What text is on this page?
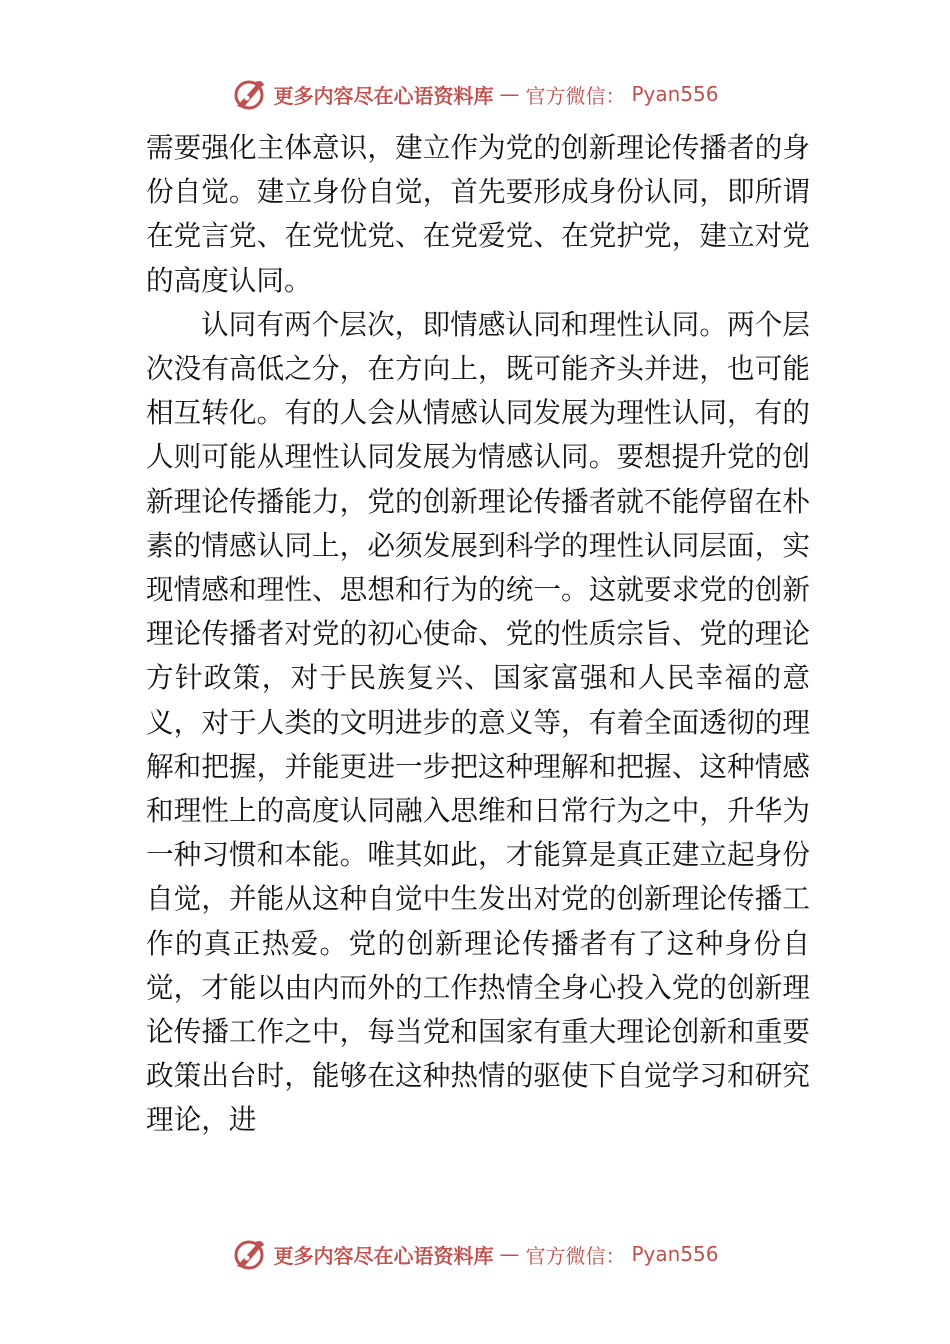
更多内容尽在心语资料库 — 官方微信： Pyan556

需要强化主体意识，建立作为党的创新理论传播者的身份自觉。建立身份自觉，首先要形成身份认同，即所谓在党言党、在党忧党、在党爱党、在党护党，建立对党的高度认同。

认同有两个层次，即情感认同和理性认同。两个层次没有高低之分，在方向上，既可能齐头并进，也可能相互转化。有的人会从情感认同发展为理性认同，有的人则可能从理性认同发展为情感认同。要想提升党的创新理论传播能力，党的创新理论传播者就不能停留在朴素的情感认同上，必须发展到科学的理性认同层面，实现情感和理性、思想和行为的统一。这就要求党的创新理论传播者对党的初心使命、党的性质宗旨、党的理论方针政策，对于民族复兴、国家富强和人民幸福的意义，对于人类的文明进步的意义等，有着全面透彻的理解和把握，并能更进一步把这种理解和把握、这种情感和理性上的高度认同融入思维和日常行为之中，升华为一种习惯和本能。唯其如此，才能算是真正建立起身份自觉，并能从这种自觉中生发出对党的创新理论传播工作的真正热爱。党的创新理论传播者有了这种身份自觉，才能以由内而外的工作热情全身心投入党的创新理论传播工作之中，每当党和国家有重大理论创新和重要政策出台时，能够在这种热情的驱使下自觉学习和研究理论，进

更多内容尽在心语资料库 — 官方微信： Pyan556
